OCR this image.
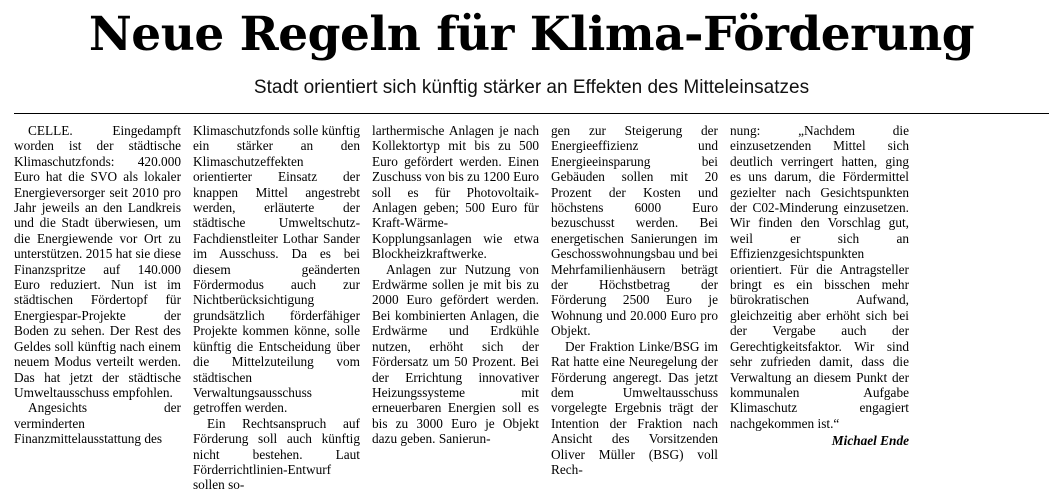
Neue Regeln für Klima-Förderung
Stadt orientiert sich künftig stärker an Effekten des Mitteleinsatzes

CELLE. Eingedampft worden ist der städtische Klimaschutzfonds: 420.000 Euro hat die SVO als lokaler Energieversorger seit 2010 pro Jahr jeweils an den Landkreis und die Stadt überwiesen, um die Energiewende vor Ort zu unterstützen. 2015 hat sie diese Finanzspritze auf 140.000 Euro reduziert. Nun ist im städtischen Fördertopf für Energiespar-Projekte der Boden zu sehen. Der Rest des Geldes soll künftig nach einem neuem Modus verteilt werden. Das hat jetzt der städtische Umweltausschuss empfohlen.

Angesichts der verminderten Finanzmittelausstattung des

Klimaschutzfonds solle künftig ein stärker an den Klimaschutzeffekten orientierter Einsatz der knappen Mittel angestrebt werden, erläuterte der städtische Umweltschutz-Fachdienstleiter Lothar Sander im Ausschuss. Da es bei diesem geänderten Fördermodus auch zur Nichtberücksichtigung grundsätzlich förderfähiger Projekte kommen könne, solle künftig die Entscheidung über die Mittelzuteilung vom städtischen Verwaltungsausschuss getroffen werden.

Ein Rechtsanspruch auf Förderung soll auch künftig nicht bestehen. Laut Förderrichtlinien-Entwurf sollen so-

larthermische Anlagen je nach Kollektortyp mit bis zu 500 Euro gefördert werden. Einen Zuschuss von bis zu 1200 Euro soll es für Photovoltaik-Anlagen geben; 500 Euro für Kraft-Wärme-Kopplungsanlagen wie etwa Blockheizkraftwerke.

Anlagen zur Nutzung von Erdwärme sollen je mit bis zu 2000 Euro gefördert werden. Bei kombinierten Anlagen, die Erdwärme und Erdkühle nutzen, erhöht sich der Fördersatz um 50 Prozent. Bei der Errichtung innovativer Heizungssysteme mit erneuerbaren Energien soll es bis zu 3000 Euro je Objekt dazu geben. Sanierun-

gen zur Steigerung der Energieeffizienz und Energieeinsparung bei Gebäuden sollen mit 20 Prozent der Kosten und höchstens 6000 Euro bezuschusst werden. Bei energetischen Sanierungen im Geschosswohnungsbau und bei Mehrfamilienhäusern beträgt der Höchstbetrag der Förderung 2500 Euro je Wohnung und 20.000 Euro pro Objekt.

Der Fraktion Linke/BSG im Rat hatte eine Neuregelung der Förderung angeregt. Das jetzt dem Umweltausschuss vorgelegte Ergebnis trägt der Intention der Fraktion nach Ansicht des Vorsitzenden Oliver Müller (BSG) voll Rech-

nung: „Nachdem die einzusetzenden Mittel sich deutlich verringert hatten, ging es uns darum, die Fördermittel gezielter nach Gesichtspunkten der C02-Minderung einzusetzen. Wir finden den Vorschlag gut, weil er sich an Effizienzgesichtspunkten orientiert. Für die Antragsteller bringt es ein bisschen mehr bürokratischen Aufwand, gleichzeitig aber erhöht sich bei der Vergabe auch der Gerechtigkeitsfaktor. Wir sind sehr zufrieden damit, dass die Verwaltung an diesem Punkt der kommunalen Aufgabe Klimaschutz engagiert nachgekommen ist.“

Michael Ende
